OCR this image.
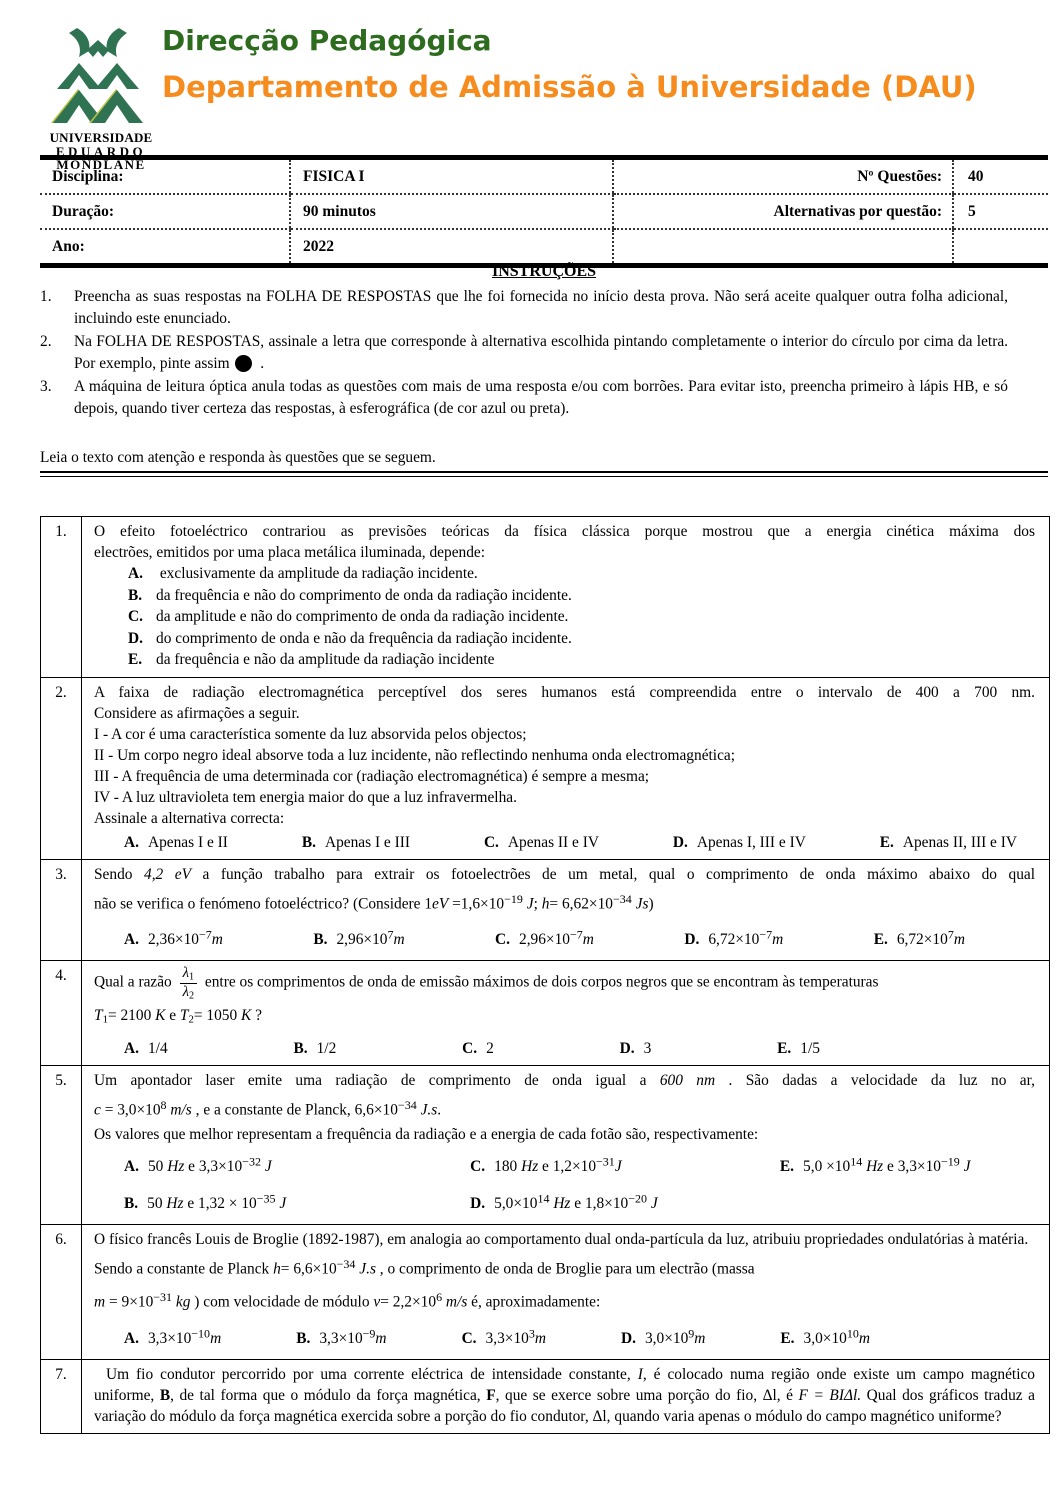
UNIVERSIDADE
EDUARDO
MONDLANE
Direcção Pedagógica
Departamento de Admissão à Universidade (DAU)
Disciplina:	FISICA I	Nº Questões:	40
Duração:	90 minutos	Alternativas por questão:	5
Ano:	2022		
INSTRUÇÕES
1.	Preencha as suas respostas na FOLHA DE RESPOSTAS que lhe foi fornecida no início desta prova. Não será aceite qualquer outra folha adicional, incluindo este enunciado.
2.	Na FOLHA DE RESPOSTAS, assinale a letra que corresponde à alternativa escolhida pintando completamente o interior do círculo por cima da letra. Por exemplo, pinte assim  .
3.	A máquina de leitura óptica anula todas as questões com mais de uma resposta e/ou com borrões. Para evitar isto, preencha primeiro à lápis HB, e só depois, quando tiver certeza das respostas, à esferográfica (de cor azul ou preta).
Leia o texto com atenção e responda às questões que se seguem.
1.	O efeito fotoeléctrico contrariou as previsões teóricas da física clássica porque mostrou que a energia cinética máxima dos
electrões, emitidos por uma placa metálica iluminada, depende:
A. exclusivamente da amplitude da radiação incidente.
B. da frequência e não do comprimento de onda da radiação incidente.
C. da amplitude e não do comprimento de onda da radiação incidente.
D. do comprimento de onda e não da frequência da radiação incidente.
E. da frequência e não da amplitude da radiação incidente
2.	A faixa de radiação electromagnética perceptível dos seres humanos está compreendida entre o intervalo de 400 a 700 nm.
Considere as afirmações a seguir.
I - A cor é uma característica somente da luz absorvida pelos objectos;
II - Um corpo negro ideal absorve toda a luz incidente, não reflectindo nenhuma onda electromagnética;
III - A frequência de uma determinada cor (radiação electromagnética) é sempre a mesma;
IV - A luz ultravioleta tem energia maior do que a luz infravermelha.
Assinale a alternativa correcta:
A. Apenas I e II	B. Apenas I e III	C. Apenas II e IV	D. Apenas I, III e IV	E. Apenas II, III e IV
3.	Sendo 4,2 eV a função trabalho para extrair os fotoelectrões de um metal, qual o comprimento de onda máximo abaixo do qual
não se verifica o fenómeno fotoeléctrico? (Considere $1eV =1,6\times 10^{-19}$ J; $h= 6,62\times 10^{-34}$ Js)
A. $2,36\times 10^{-7}m$	B. $2,96\times 10^7m$	C. $2,96\times 10^{-7}m$	D. $6,72\times 10^{-7}m$	E. $6,72\times 10^7m$
4.	Qual a razão $\frac{\lambda_1}{\lambda_2}$ entre os comprimentos de onda de emissão máximos de dois corpos negros que se encontram às temperaturas
$T_1= 2100$ K e $T_2= 1050$ K ?
A. 1/4	B. 1/2	C. 2	D. 3	E. 1/5
5.	Um apontador laser emite uma radiação de comprimento de onda igual a 600 nm . São dadas a velocidade da luz no ar,
$c = 3,0\times 10^8$ m/s , e a constante de Planck, $6,6\times 10^{-34}$ J.s.
Os valores que melhor representam a frequência da radiação e a energia de cada fotão são, respectivamente:
A. 50 Hz e $3,3\times 10^{-32}$ J	C. 180 Hz e $1,2\times 10^{-31}J$	E. $5,0 \times 10^{14}$ Hz e $3,3\times 10^{-19}$ J
B. 50 Hz e $1,32 \times 10^{-35}$ J	D. $5,0\times 10^{14}$ Hz e $1,8\times 10^{-20}$ J
6.	O físico francês Louis de Broglie (1892-1987), em analogia ao comportamento dual onda-partícula da luz, atribuiu propriedades ondulatórias à matéria.
Sendo a constante de Planck $h= 6,6\times 10^{-34}$ J.s , o comprimento de onda de Broglie para um electrão (massa
$m = 9\times 10^{-31}$ kg ) com velocidade de módulo $v= 2,2\times 10^6$ m/s é, aproximadamente:
A. $3,3\times 10^{-10}m$	B. $3,3\times 10^{-9}m$	C. $3,3\times 10^3m$	D. $3,0\times 10^9m$	E. $3,0\times 10^{10}m$
7.	Um fio condutor percorrido por uma corrente eléctrica de intensidade constante, I, é colocado numa região onde existe um campo magnético uniforme, B, de tal forma que o módulo da força magnética, F, que se exerce sobre uma porção do fio, Δl, é F = BIΔl. Qual dos gráficos traduz a variação do módulo da força magnética exercida sobre a porção do fio condutor, Δl, quando varia apenas o módulo do campo magnético uniforme?
